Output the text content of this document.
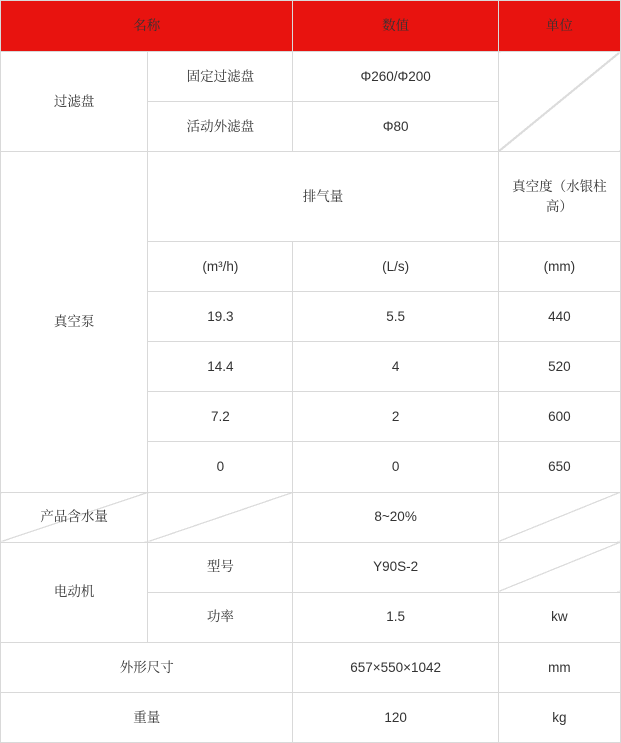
名称		数值	单位
过滤盘	固定过滤盘	Φ260/Φ200	
	活动外滤盘	Φ80	
真空泵	排气量		真空度（水银柱高）
	(m³/h)	(L/s)	(mm)
	19.3	5.5	440
	14.4	4	520
	7.2	2	600
	0	0	650
产品含水量		8~20%	
电动机	型号	Y90S-2	
	功率	1.5	kw
外形尺寸		657×550×1042	mm
重量		120	kg
